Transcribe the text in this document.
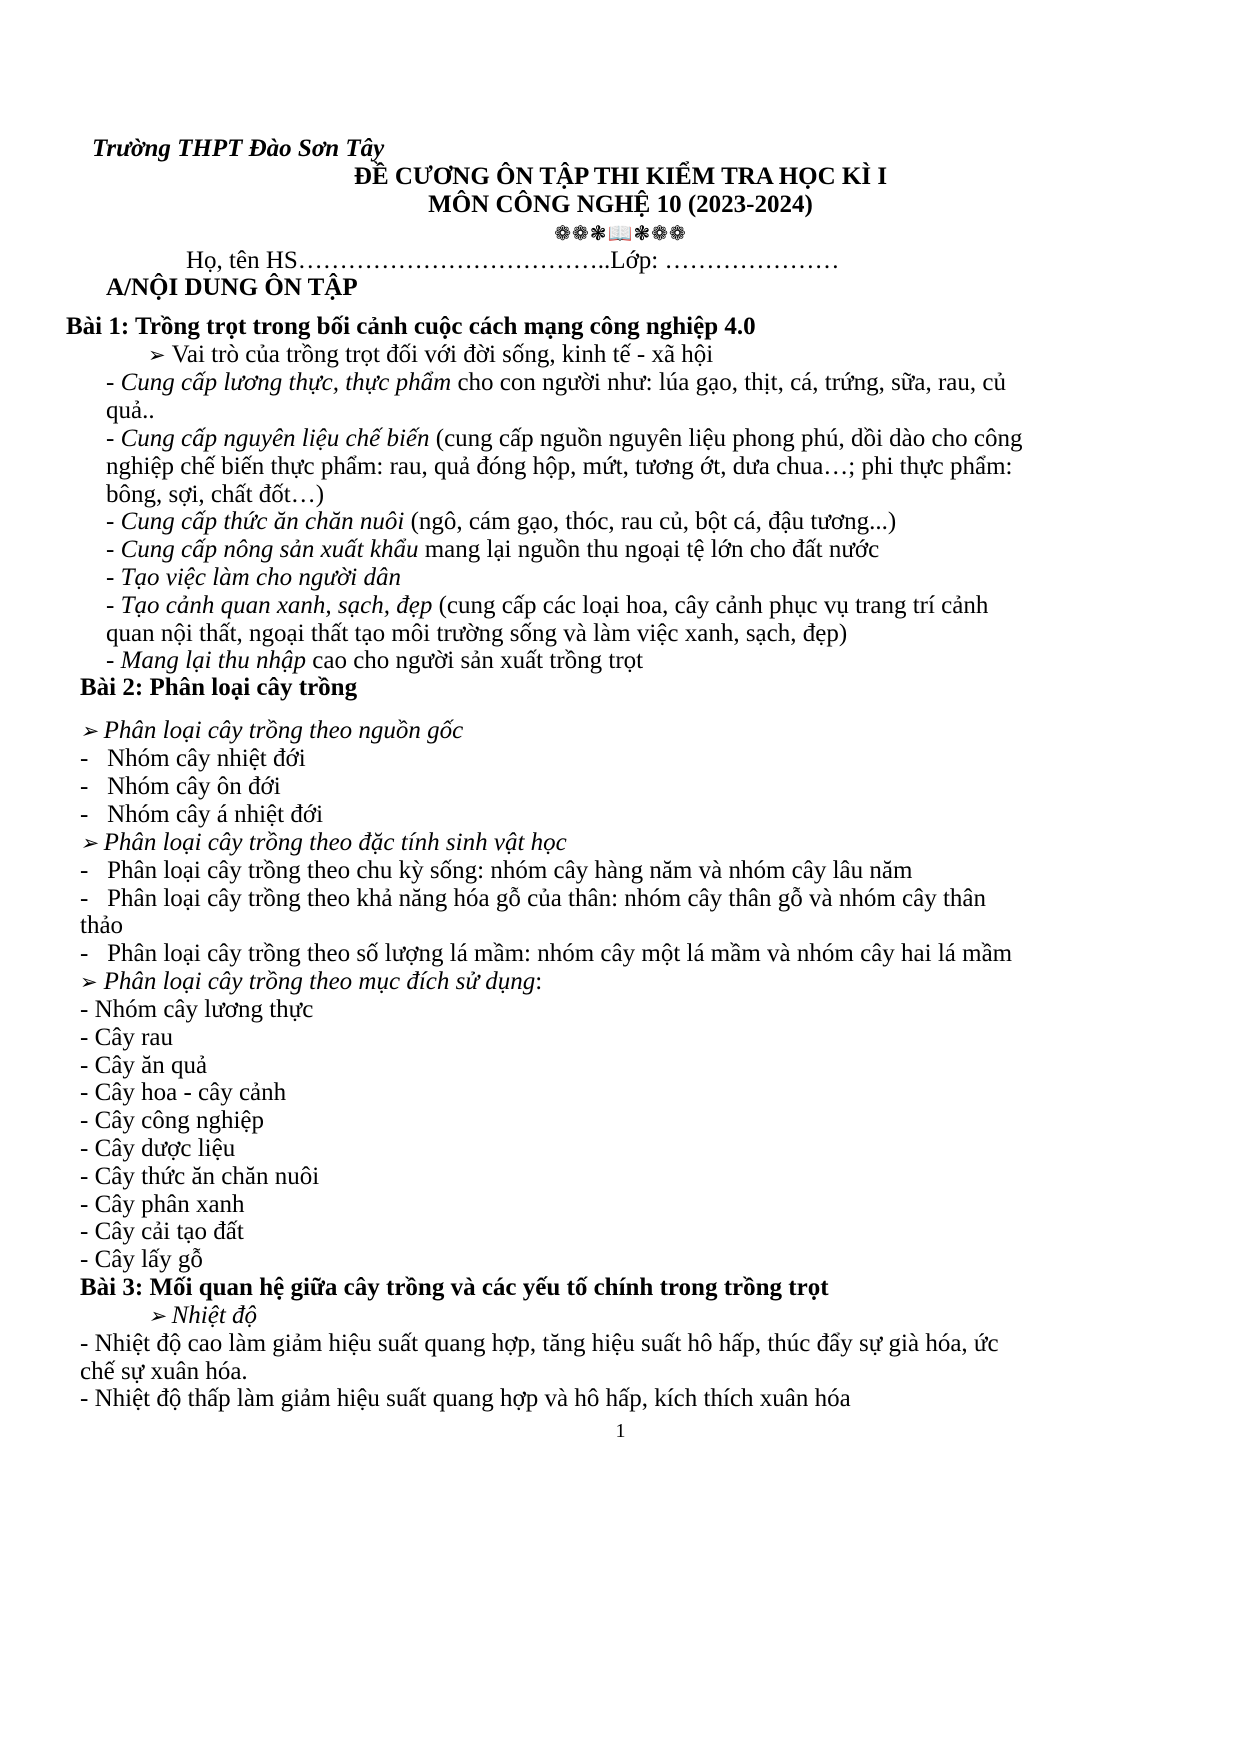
Trường THPT Đào Sơn Tây
ĐỀ CƯƠNG ÔN TẬP THI KIỂM TRA HỌC KÌ I
MÔN CÔNG NGHỆ 10 (2023-2024)
❁❁❃📖❃❁❁
Họ, tên HS………………………………..Lớp: …………………
A/NỘI DUNG ÔN TẬP
Bài 1: Trồng trọt trong bối cảnh cuộc cách mạng công nghiệp 4.0
➢ Vai trò của trồng trọt đối với đời sống, kinh tế - xã hội
- Cung cấp lương thực, thực phẩm cho con người như: lúa gạo, thịt, cá, trứng, sữa, rau, củ
quả..
- Cung cấp nguyên liệu chế biến (cung cấp nguồn nguyên liệu phong phú, dồi dào cho công
nghiệp chế biến thực phẩm: rau, quả đóng hộp, mứt, tương ớt, dưa chua…; phi thực phẩm:
bông, sợi, chất đốt…)
- Cung cấp thức ăn chăn nuôi (ngô, cám gạo, thóc, rau củ, bột cá, đậu tương...)
- Cung cấp nông sản xuất khẩu mang lại nguồn thu ngoại tệ lớn cho đất nước
- Tạo việc làm cho người dân
- Tạo cảnh quan xanh, sạch, đẹp (cung cấp các loại hoa, cây cảnh phục vụ trang trí cảnh
quan nội thất, ngoại thất tạo môi trường sống và làm việc xanh, sạch, đẹp)
- Mang lại thu nhập cao cho người sản xuất trồng trọt
Bài 2: Phân loại cây trồng
➢ Phân loại cây trồng theo nguồn gốc
-   Nhóm cây nhiệt đới
-   Nhóm cây ôn đới
-   Nhóm cây á nhiệt đới
➢ Phân loại cây trồng theo đặc tính sinh vật học
-   Phân loại cây trồng theo chu kỳ sống: nhóm cây hàng năm và nhóm cây lâu năm
-   Phân loại cây trồng theo khả năng hóa gỗ của thân: nhóm cây thân gỗ và nhóm cây thân
thảo
-   Phân loại cây trồng theo số lượng lá mầm: nhóm cây một lá mầm và nhóm cây hai lá mầm
➢ Phân loại cây trồng theo mục đích sử dụng:
- Nhóm cây lương thực
- Cây rau
- Cây ăn quả
- Cây hoa - cây cảnh
- Cây công nghiệp
- Cây dược liệu
- Cây thức ăn chăn nuôi
- Cây phân xanh
- Cây cải tạo đất
- Cây lấy gỗ
Bài 3: Mối quan hệ giữa cây trồng và các yếu tố chính trong trồng trọt
➢ Nhiệt độ
- Nhiệt độ cao làm giảm hiệu suất quang hợp, tăng hiệu suất hô hấp, thúc đẩy sự già hóa, ức
chế sự xuân hóa.
- Nhiệt độ thấp làm giảm hiệu suất quang hợp và hô hấp, kích thích xuân hóa
1
